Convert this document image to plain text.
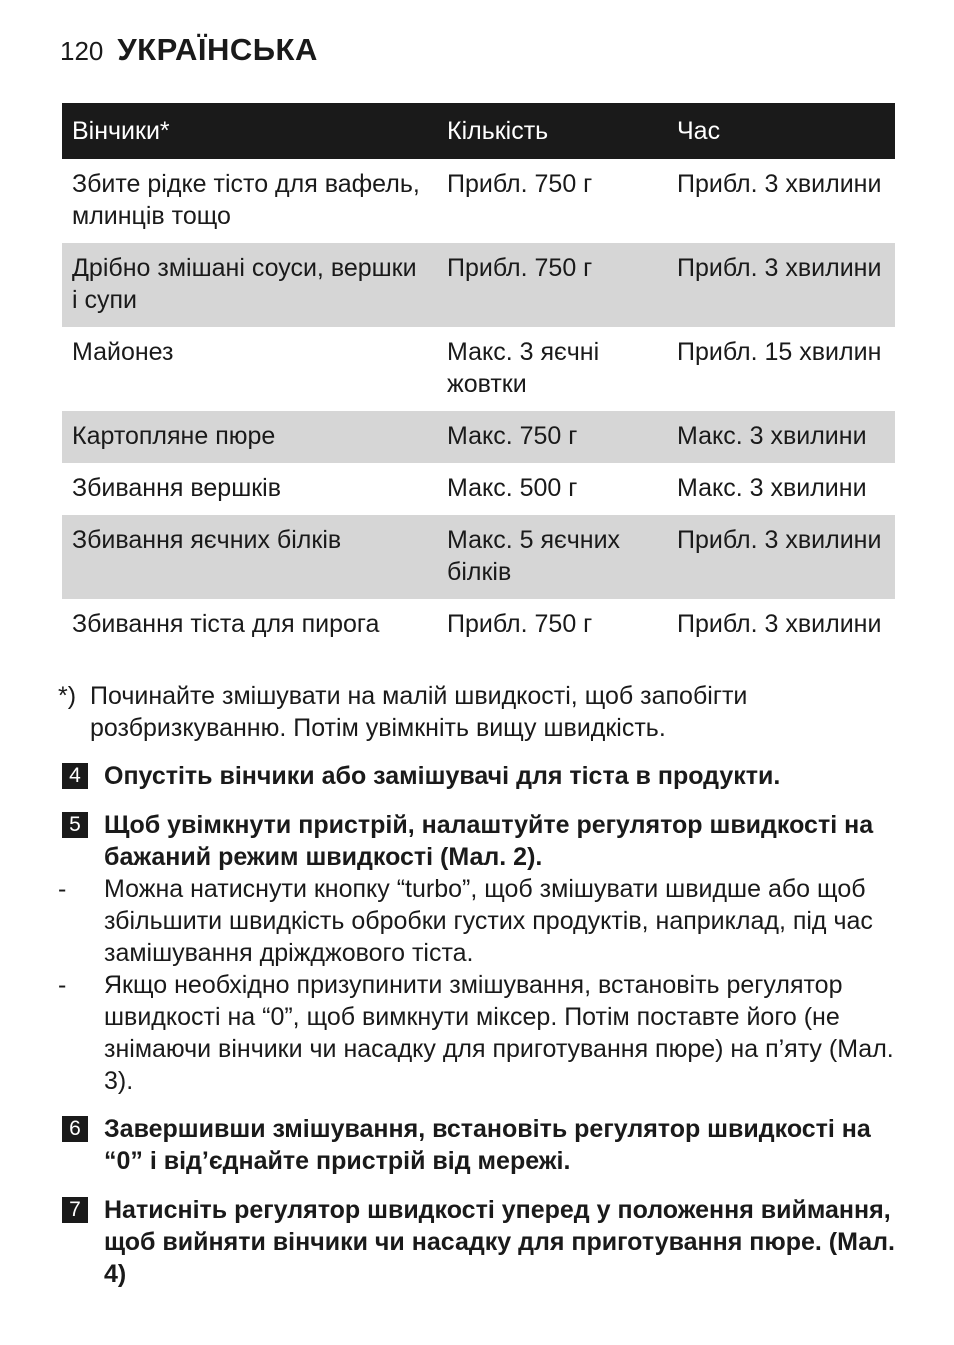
120 УКРАЇНСЬКА
Вінчики*	Кількість	Час
Збите рідке тісто для вафель, млинців тощо	Прибл. 750 г	Прибл. 3 хвилини
Дрібно змішані соуси, вершки і супи	Прибл. 750 г	Прибл. 3 хвилини
Майонез	Макс. 3 яєчні жовтки	Прибл. 15 хвилин
Картопляне пюре	Макс. 750 г	Макс. 3 хвилини
Збивання вершків	Макс. 500 г	Макс. 3 хвилини
Збивання яєчних білків	Макс. 5 яєчних білків	Прибл. 3 хвилини
Збивання тіста для пирога	Прибл. 750 г	Прибл. 3 хвилини
*) Починайте змішувати на малій швидкості, щоб запобігти розбризкуванню. Потім увімкніть вищу швидкість.
4 Опустіть вінчики або замішувачі для тіста в продукти.
5 Щоб увімкнути пристрій, налаштуйте регулятор швидкості на бажаний режим швидкості (Мал. 2).
-	Можна натиснути кнопку “turbo”, щоб змішувати швидше або щоб збільшити швидкість обробки густих продуктів, наприклад, під час замішування дріжджового тіста.
-	Якщо необхідно призупинити змішування, встановіть регулятор швидкості на “0”, щоб вимкнути міксер. Потім поставте його (не знімаючи вінчики чи насадку для приготування пюре) на п’яту (Мал. 3).
6 Завершивши змішування, встановіть регулятор швидкості на “0” і від’єднайте пристрій від мережі.
7 Натисніть регулятор швидкості уперед у положення виймання, щоб вийняти вінчики чи насадку для приготування пюре. (Мал. 4)
